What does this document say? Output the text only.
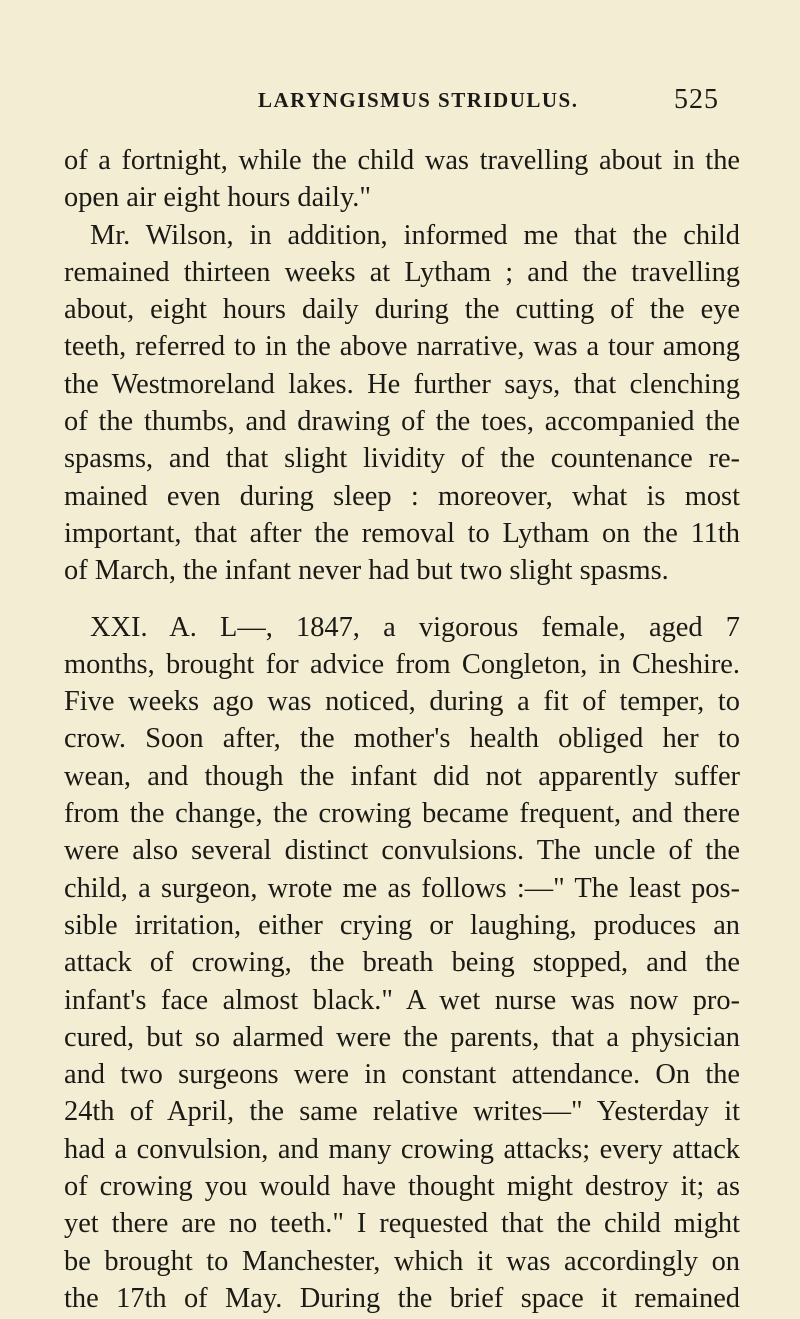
LARYNGISMUS STRIDULUS.	525
of a fortnight, while the child was travelling about in the
open air eight hours daily."
Mr. Wilson, in addition, informed me that the child
remained thirteen weeks at Lytham ; and the travelling
about, eight hours daily during the cutting of the eye
teeth, referred to in the above narrative, was a tour among
the Westmoreland lakes. He further says, that clenching
of the thumbs, and drawing of the toes, accompanied the
spasms, and that slight lividity of the countenance re-
mained even during sleep : moreover, what is most
important, that after the removal to Lytham on the 11th
of March, the infant never had but two slight spasms.
XXI. A. L—, 1847, a vigorous female, aged 7
months, brought for advice from Congleton, in Cheshire.
Five weeks ago was noticed, during a fit of temper, to
crow. Soon after, the mother's health obliged her to
wean, and though the infant did not apparently suffer
from the change, the crowing became frequent, and there
were also several distinct convulsions. The uncle of the
child, a surgeon, wrote me as follows :—" The least pos-
sible irritation, either crying or laughing, produces an
attack of crowing, the breath being stopped, and the
infant's face almost black." A wet nurse was now pro-
cured, but so alarmed were the parents, that a physician
and two surgeons were in constant attendance. On the
24th of April, the same relative writes—" Yesterday it
had a convulsion, and many crowing attacks; every attack
of crowing you would have thought might destroy it; as
yet there are no teeth." I requested that the child might
be brought to Manchester, which it was accordingly on
the 17th of May. During the brief space it remained
